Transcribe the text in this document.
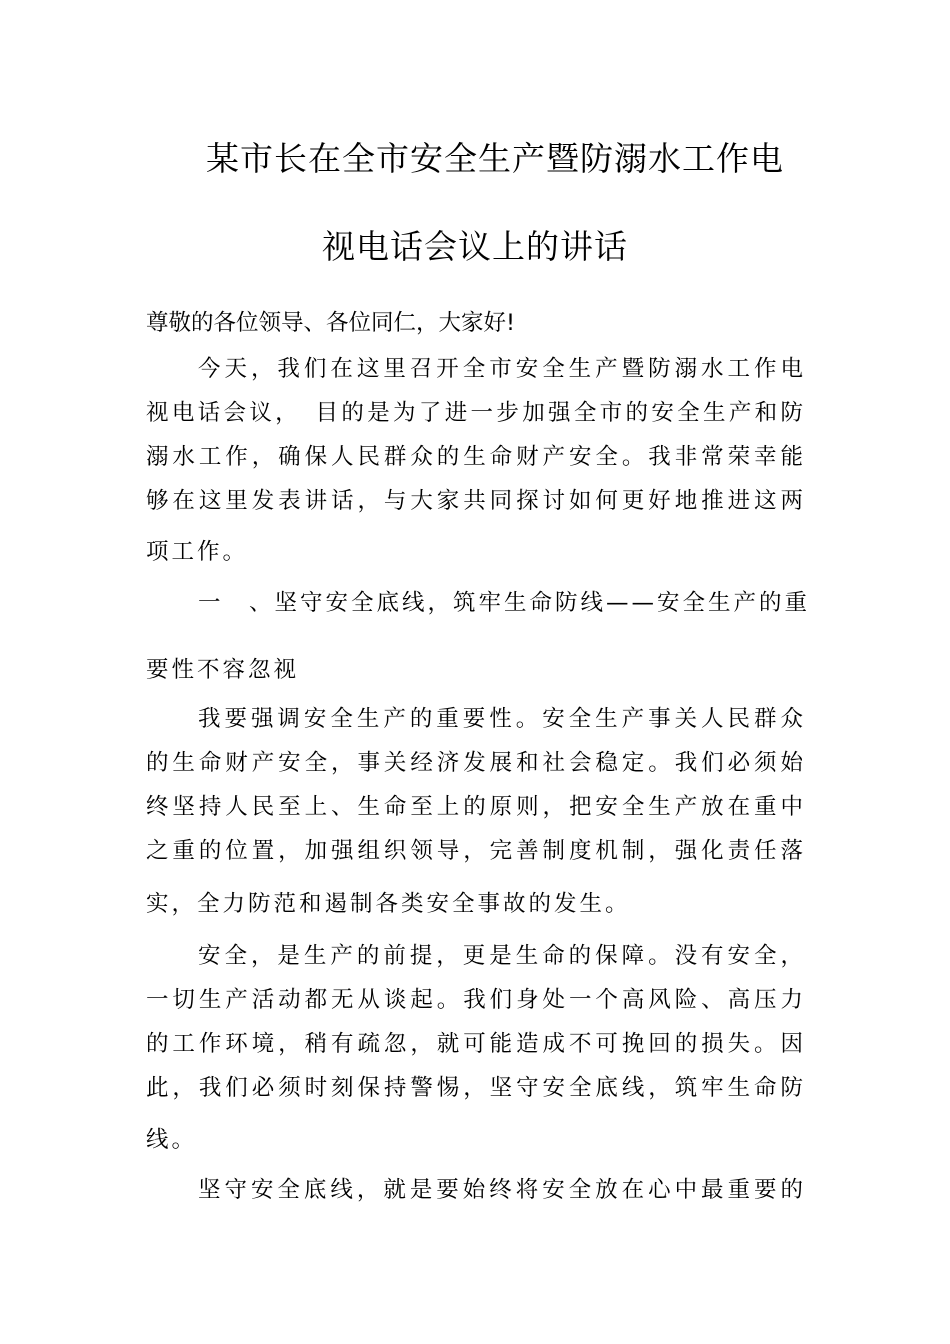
某市长在全市安全生产暨防溺水工作电
视电话会议上的讲话
尊敬的各位领导、各位同仁，大家好!
今天，我们在这里召开全市安全生产暨防溺水工作电
视电话会议，　目的是为了进一步加强全市的安全生产和防
溺水工作，确保人民群众的生命财产安全。我非常荣幸能
够在这里发表讲话，与大家共同探讨如何更好地推进这两
项工作。
一　、坚守安全底线，筑牢生命防线——安全生产的重
要性不容忽视
我要强调安全生产的重要性。安全生产事关人民群众
的生命财产安全，事关经济发展和社会稳定。我们必须始
终坚持人民至上、生命至上的原则，把安全生产放在重中
之重的位置，加强组织领导，完善制度机制，强化责任落
实，全力防范和遏制各类安全事故的发生。
安全，是生产的前提，更是生命的保障。没有安全，
一切生产活动都无从谈起。我们身处一个高风险、高压力
的工作环境，稍有疏忽，就可能造成不可挽回的损失。因
此，我们必须时刻保持警惕，坚守安全底线，筑牢生命防
线。
坚守安全底线，就是要始终将安全放在心中最重要的
